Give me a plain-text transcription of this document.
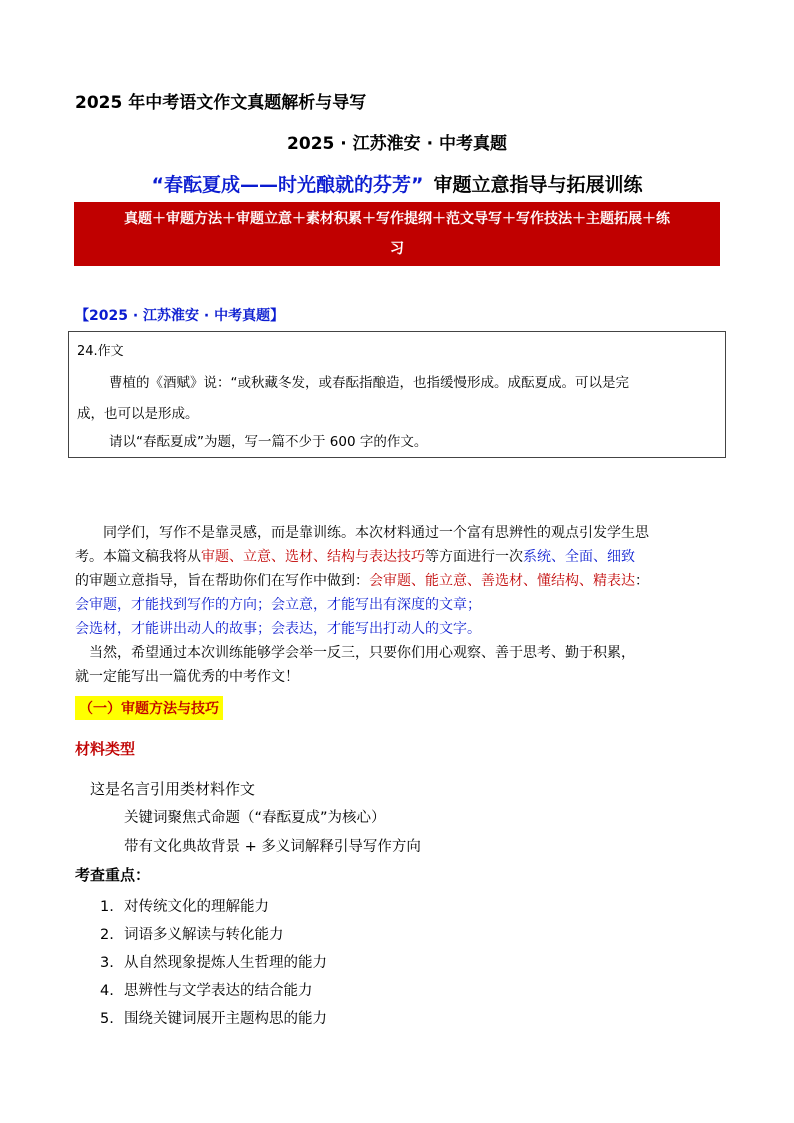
2025 年中考语文作文真题解析与导写
2025 · 江苏淮安 · 中考真题
“春酝夏成——时光酿就的芬芳” 审题立意指导与拓展训练
真题＋审题方法＋审题立意＋素材积累＋写作提纲＋范文导写＋写作技法＋主题拓展＋练
习
【2025 · 江苏淮安 · 中考真题】
24.作文
曹植的《酒赋》说：“或秋藏冬发，或春酝指酿造，也指缓慢形成。成酝夏成。可以是完
成，也可以是形成。
请以“春酝夏成”为题，写一篇不少于 600 字的作文。
同学们，写作不是靠灵感，而是靠训练。本次材料通过一个富有思辨性的观点引发学生思
考。本篇文稿我将从审题、立意、选材、结构与表达技巧等方面进行一次系统、全面、细致
的审题立意指导，旨在帮助你们在写作中做到：会审题、能立意、善选材、懂结构、精表达：
会审题，才能找到写作的方向；会立意，才能写出有深度的文章；
会选材，才能讲出动人的故事；会表达，才能写出打动人的文字。
当然，希望通过本次训练能够学会举一反三，只要你们用心观察、善于思考、勤于积累，
就一定能写出一篇优秀的中考作文！
（一）审题方法与技巧
材料类型
这是名言引用类材料作文
关键词聚焦式命题（“春酝夏成”为核心）
带有文化典故背景 + 多义词解释引导写作方向
考查重点：
1. 对传统文化的理解能力
2. 词语多义解读与转化能力
3. 从自然现象提炼人生哲理的能力
4. 思辨性与文学表达的结合能力
5. 围绕关键词展开主题构思的能力
